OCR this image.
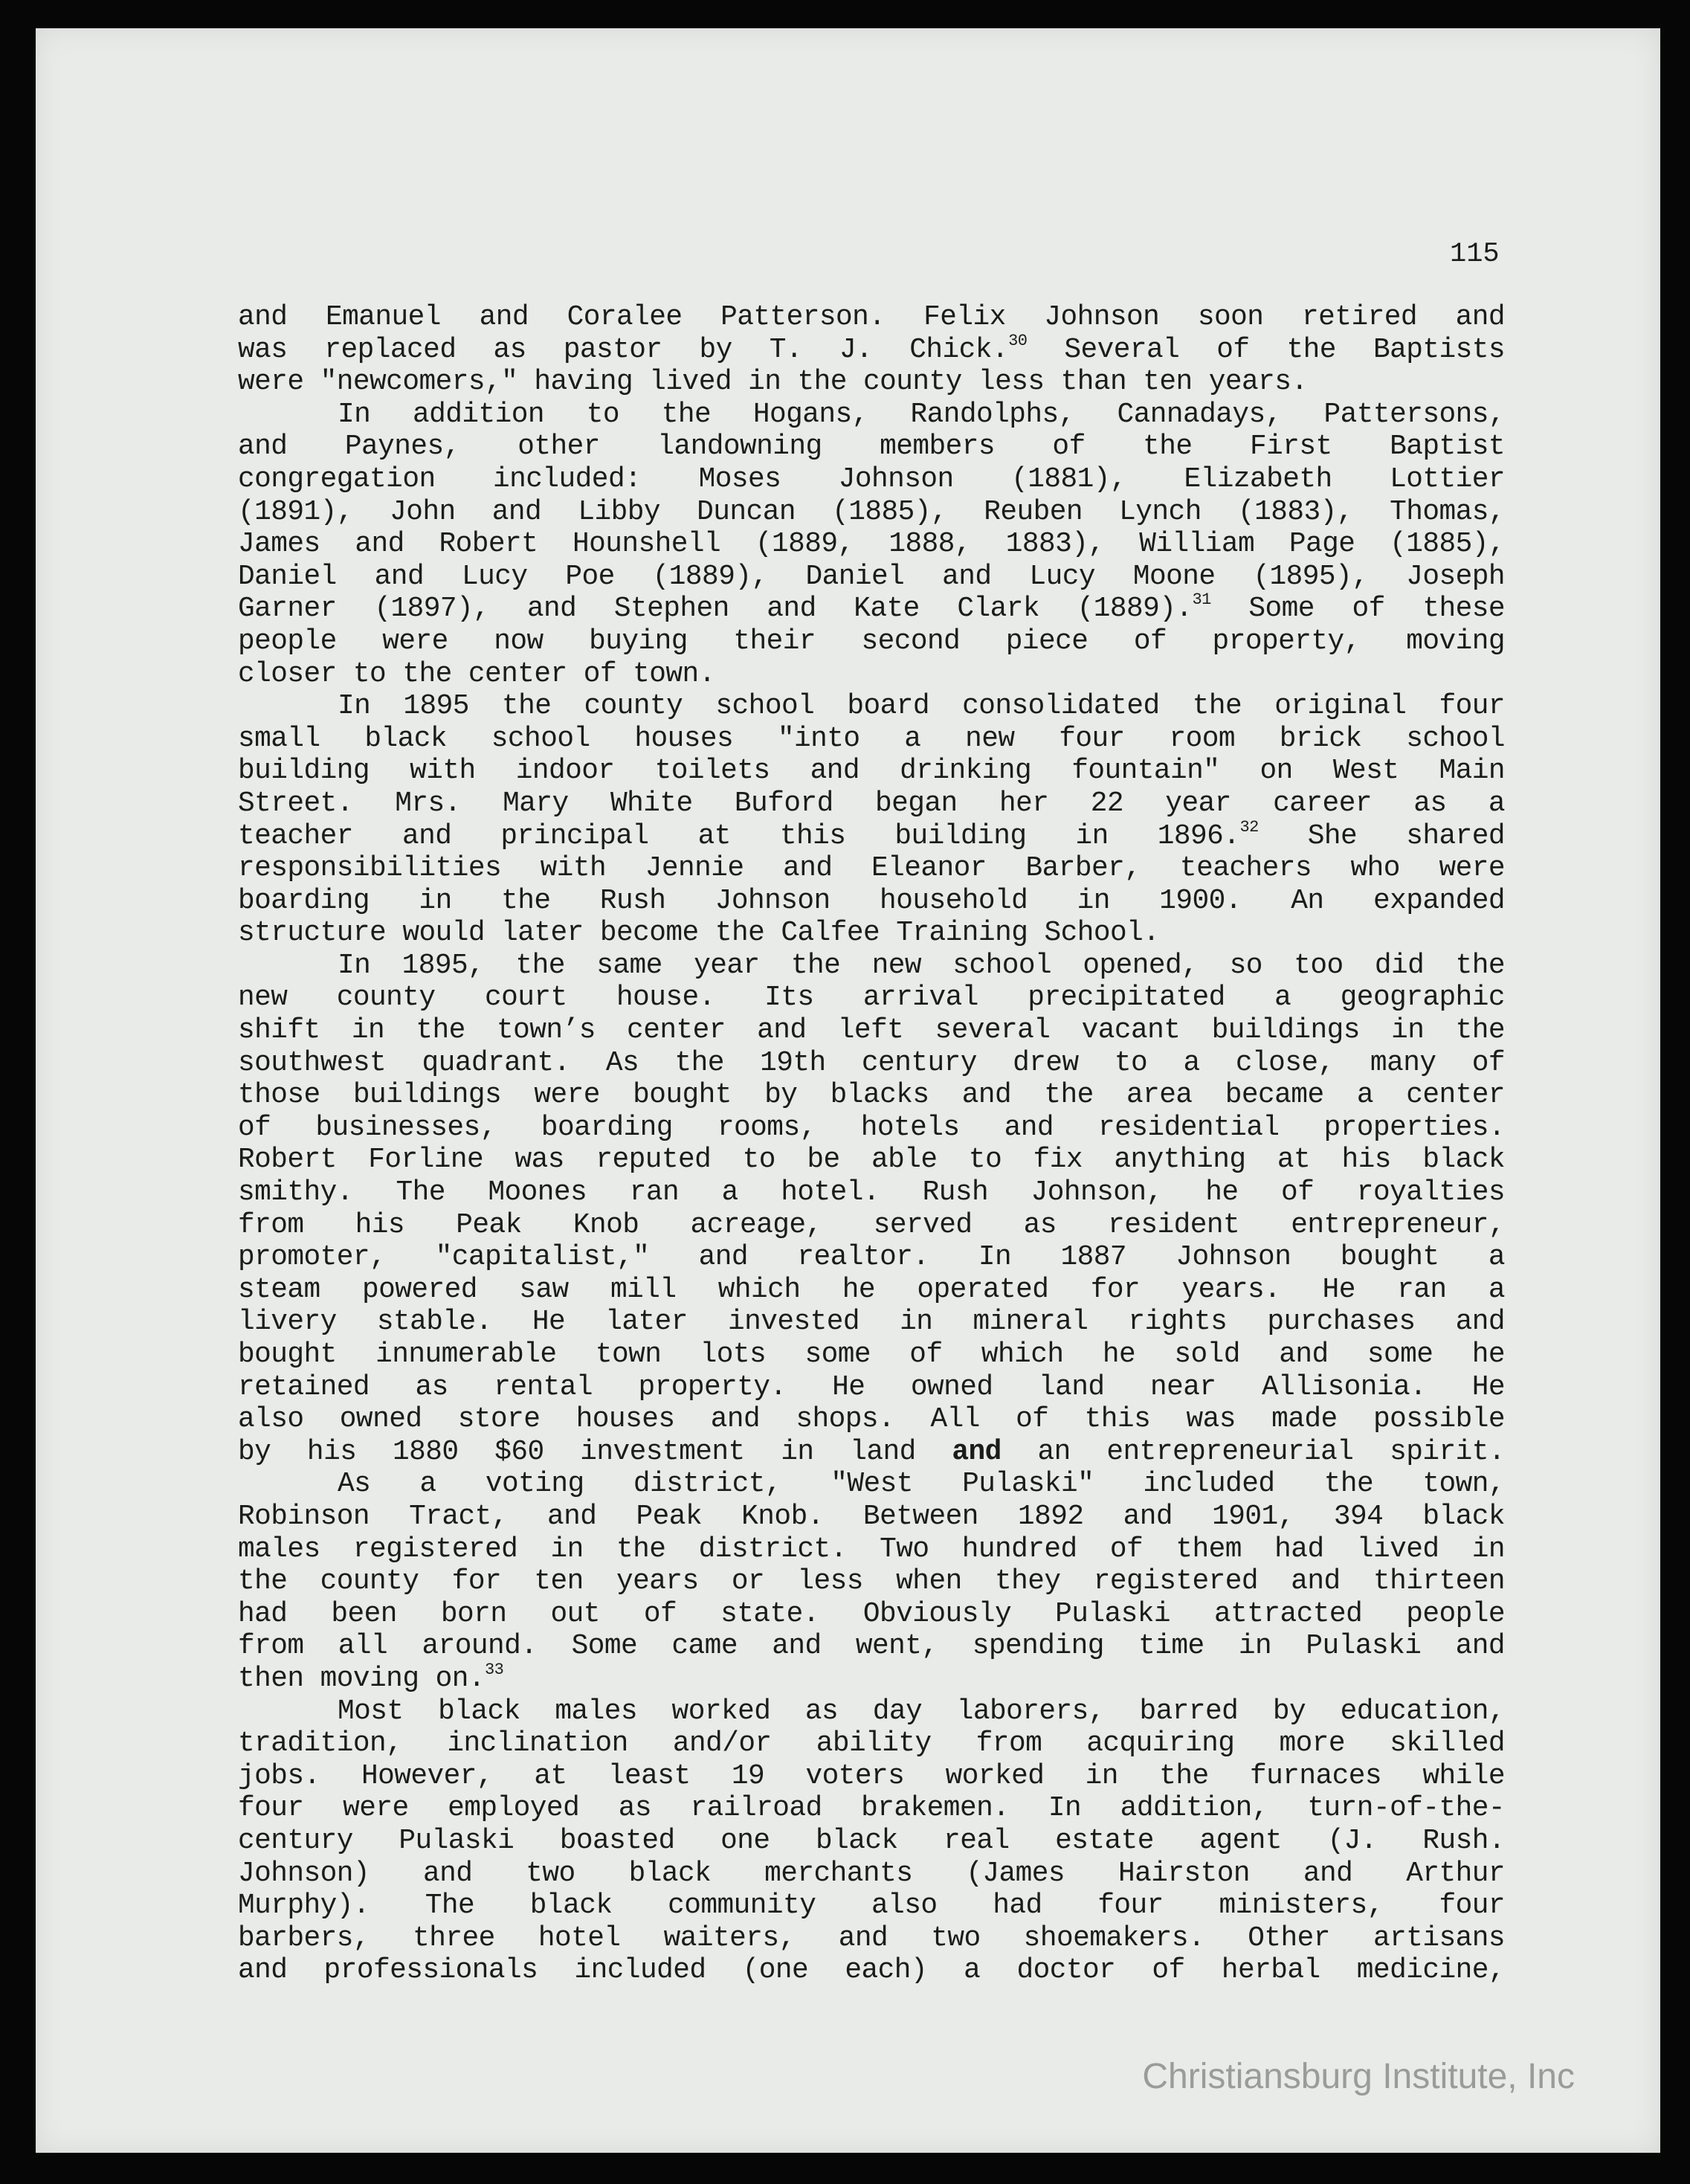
115
and Emanuel and Coralee Patterson. Felix Johnson soon retired and
was replaced as pastor by T. J. Chick.$^{30}$ Several of the Baptists
were "newcomers," having lived in the county less than ten years.
In addition to the Hogans, Randolphs, Cannadays, Pattersons,
and Paynes, other landowning members of the First Baptist
congregation included: Moses Johnson (1881), Elizabeth Lottier
(1891), John and Libby Duncan (1885), Reuben Lynch (1883), Thomas,
James and Robert Hounshell (1889, 1888, 1883), William Page (1885),
Daniel and Lucy Poe (1889), Daniel and Lucy Moone (1895), Joseph
Garner (1897), and Stephen and Kate Clark (1889).$^{31}$ Some of these
people were now buying their second piece of property, moving
closer to the center of town.
In 1895 the county school board consolidated the original four
small black school houses "into a new four room brick school
building with indoor toilets and drinking fountain" on West Main
Street. Mrs. Mary White Buford began her 22 year career as a
teacher and principal at this building in 1896.32 She shared
responsibilities with Jennie and Eleanor Barber, teachers who were
boarding in the Rush Johnson household in 1900. An expanded
structure would later become the Calfee Training School.
In 1895, the same year the new school opened, so too did the
new county court house. Its arrival precipitated a geographic
shift in the town’s center and left several vacant buildings in the
southwest quadrant. As the 19th century drew to a close, many of
those buildings were bought by blacks and the area became a center
of businesses, boarding rooms, hotels and residential properties.
Robert Forline was reputed to be able to fix anything at his black
smithy. The Moones ran a hotel. Rush Johnson, he of royalties
from his Peak Knob acreage, served as resident entrepreneur,
promoter, "capitalist," and realtor. In 1887 Johnson bought a
steam powered saw mill which he operated for years. He ran a
livery stable. He later invested in mineral rights purchases and
bought innumerable town lots some of which he sold and some he
retained as rental property. He owned land near Allisonia. He
also owned store houses and shops. All of this was made possible
by his 1880 $60 investment in land and an entrepreneurial spirit.
As a voting district, "West Pulaski" included the town,
Robinson Tract, and Peak Knob. Between 1892 and 1901, 394 black
males registered in the district. Two hundred of them had lived in
the county for ten years or less when they registered and thirteen
had been born out of state. Obviously Pulaski attracted people
from all around. Some came and went, spending time in Pulaski and
then moving on.$^{33}$
Most black males worked as day laborers, barred by education,
tradition, inclination and/or ability from acquiring more skilled
jobs. However, at least 19 voters worked in the furnaces while
four were employed as railroad brakemen. In addition, turn-of-the-
century Pulaski boasted one black real estate agent (J. Rush.
Johnson) and two black merchants (James Hairston and Arthur
Murphy). The black community also had four ministers, four
barbers, three hotel waiters, and two shoemakers. Other artisans
and professionals included (one each) a doctor of herbal medicine,
Christiansburg Institute, Inc
